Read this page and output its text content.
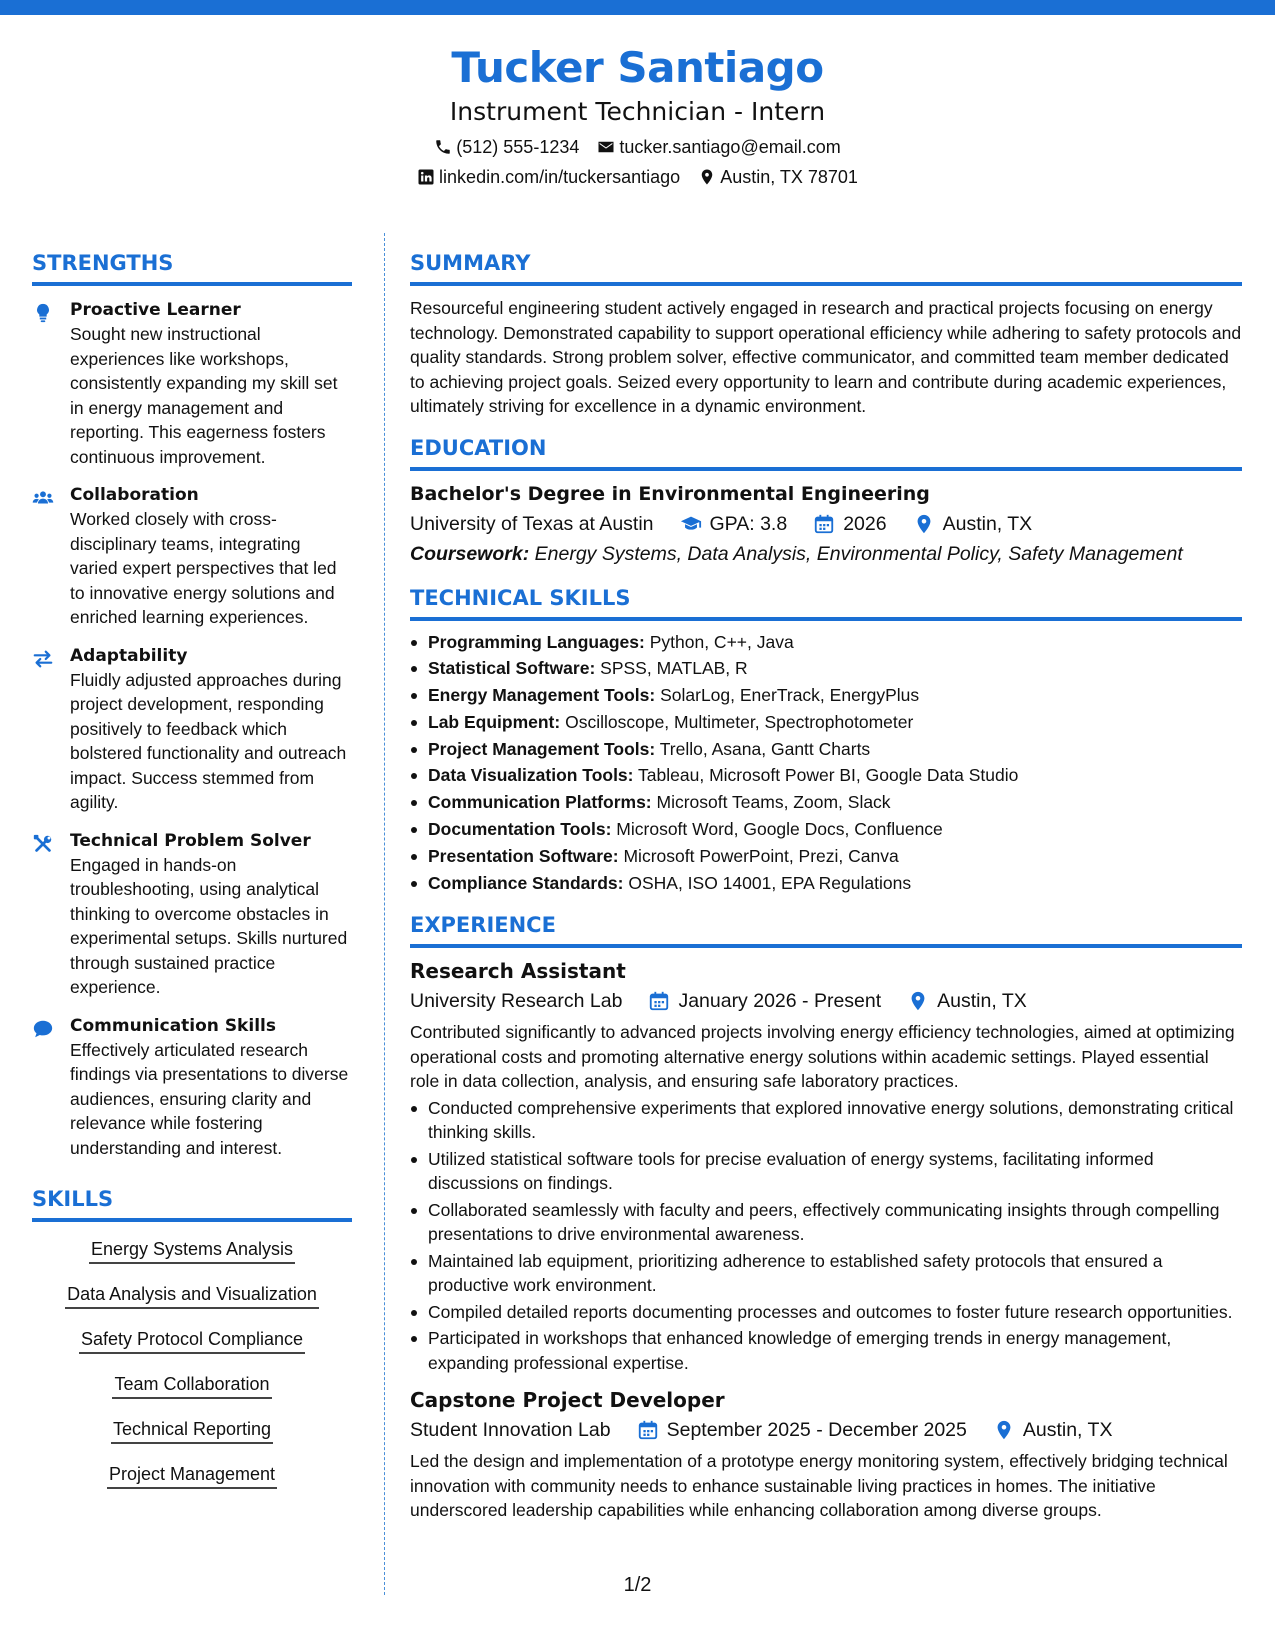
Tucker Santiago
Instrument Technician - Intern
(512) 555-1234 tucker.santiago@email.com
linkedin.com/in/tuckersantiago Austin, TX 78701
STRENGTHS
Proactive Learner
Sought new instructional experiences like workshops, consistently expanding my skill set in energy management and reporting. This eagerness fosters continuous improvement.
Collaboration
Worked closely with cross-disciplinary teams, integrating varied expert perspectives that led to innovative energy solutions and enriched learning experiences.
Adaptability
Fluidly adjusted approaches during project development, responding positively to feedback which bolstered functionality and outreach impact. Success stemmed from agility.
Technical Problem Solver
Engaged in hands-on troubleshooting, using analytical thinking to overcome obstacles in experimental setups. Skills nurtured through sustained practice experience.
Communication Skills
Effectively articulated research findings via presentations to diverse audiences, ensuring clarity and relevance while fostering understanding and interest.
SKILLS
Energy Systems Analysis
Data Analysis and Visualization
Safety Protocol Compliance
Team Collaboration
Technical Reporting
Project Management
SUMMARY

Resourceful engineering student actively engaged in research and practical projects focusing on energy technology. Demonstrated capability to support operational efficiency while adhering to safety protocols and quality standards. Strong problem solver, effective communicator, and committed team member dedicated to achieving project goals. Seized every opportunity to learn and contribute during academic experiences, ultimately striving for excellence in a dynamic environment.

EDUCATION
Bachelor's Degree in Environmental Engineering
University of Texas at Austin	GPA: 3.8	2026	Austin, TX
Coursework: Energy Systems, Data Analysis, Environmental Policy, Safety Management
TECHNICAL SKILLS
Programming Languages: Python, C++, Java
Statistical Software: SPSS, MATLAB, R
Energy Management Tools: SolarLog, EnerTrack, EnergyPlus
Lab Equipment: Oscilloscope, Multimeter, Spectrophotometer
Project Management Tools: Trello, Asana, Gantt Charts
Data Visualization Tools: Tableau, Microsoft Power BI, Google Data Studio
Communication Platforms: Microsoft Teams, Zoom, Slack
Documentation Tools: Microsoft Word, Google Docs, Confluence
Presentation Software: Microsoft PowerPoint, Prezi, Canva
Compliance Standards: OSHA, ISO 14001, EPA Regulations
EXPERIENCE
Research Assistant
University Research Lab	January 2026 - Present	Austin, TX

Contributed significantly to advanced projects involving energy efficiency technologies, aimed at optimizing operational costs and promoting alternative energy solutions within academic settings. Played essential role in data collection, analysis, and ensuring safe laboratory practices.

Conducted comprehensive experiments that explored innovative energy solutions, demonstrating critical thinking skills.
Utilized statistical software tools for precise evaluation of energy systems, facilitating informed discussions on findings.
Collaborated seamlessly with faculty and peers, effectively communicating insights through compelling presentations to drive environmental awareness.
Maintained lab equipment, prioritizing adherence to established safety protocols that ensured a productive work environment.
Compiled detailed reports documenting processes and outcomes to foster future research opportunities.
Participated in workshops that enhanced knowledge of emerging trends in energy management, expanding professional expertise.
Capstone Project Developer
Student Innovation Lab	September 2025 - December 2025	Austin, TX

Led the design and implementation of a prototype energy monitoring system, effectively bridging technical innovation with community needs to enhance sustainable living practices in homes. The initiative underscored leadership capabilities while enhancing collaboration among diverse groups.

1/2
